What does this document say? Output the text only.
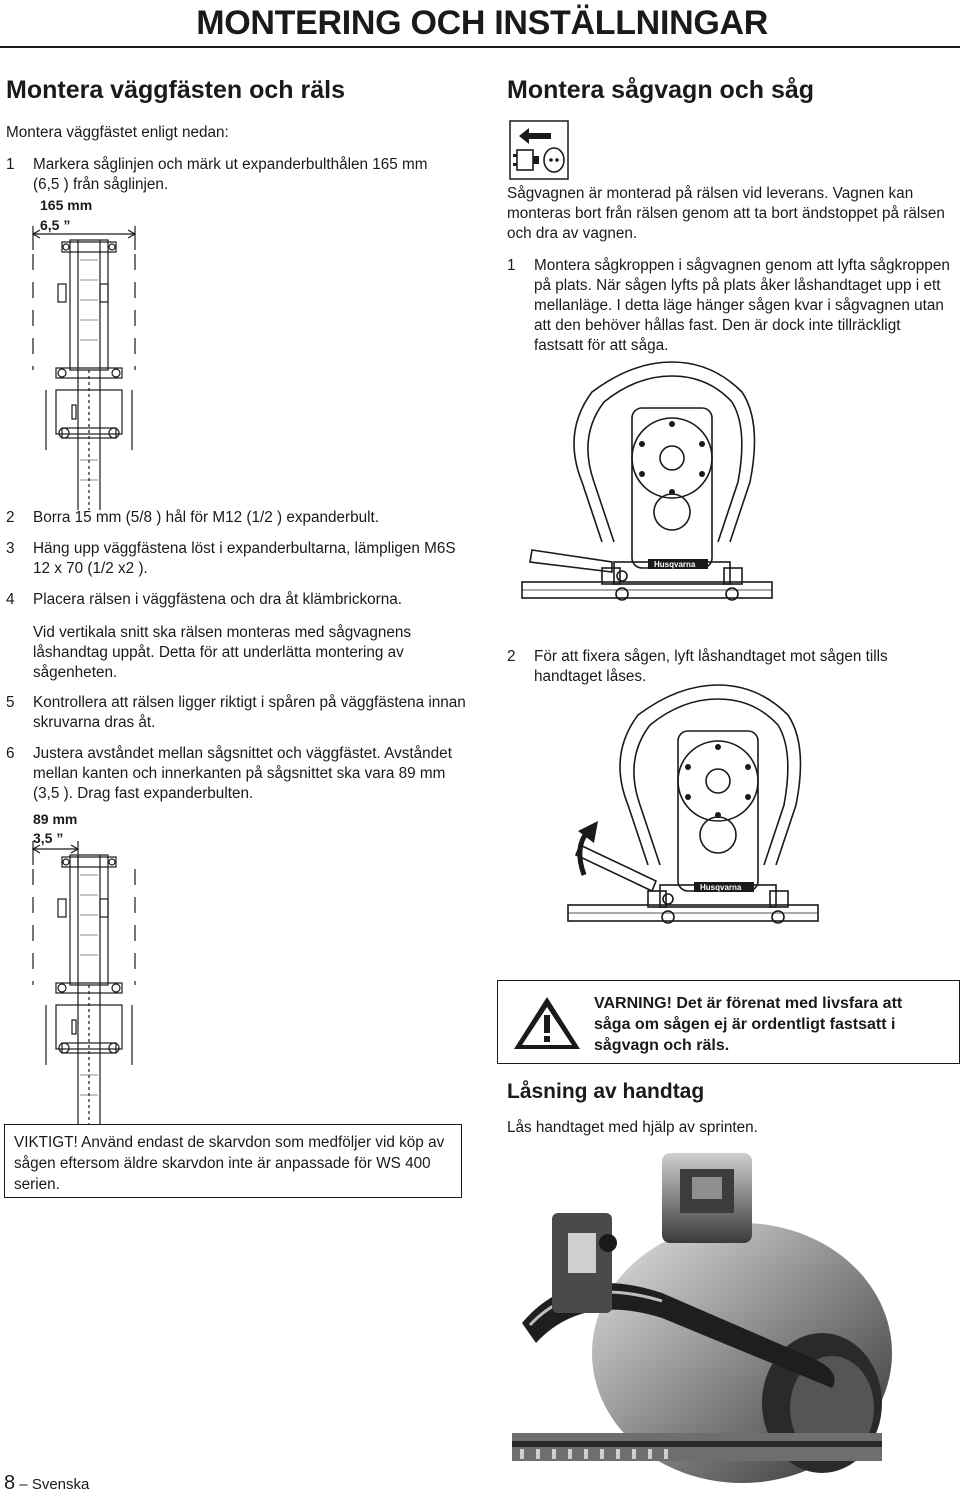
MONTERING OCH INSTÄLLNINGAR
Montera väggfästen och räls

Montera väggfästet enligt nedan:

1 Markera såglinjen och märk ut expanderbulthålen 165 mm (6,5 ) från såglinjen.

165 mm
6,5 ”
2 Borra 15 mm (5/8 ) hål för M12 (1/2 ) expanderbult.

3 Häng upp väggfästena löst i expanderbultarna, lämpligen M6S 12 x 70 (1/2 x2 ).

4 Placera rälsen i väggfästena och dra åt klämbrickorna.

Vid vertikala snitt ska rälsen monteras med sågvagnens låshandtag uppåt. Detta för att underlätta montering av sågenheten.

5 Kontrollera att rälsen ligger riktigt i spåren på väggfästena innan skruvarna dras åt.

6 Justera avståndet mellan sågsnittet och väggfästet. Avståndet mellan kanten och innerkanten på sågsnittet ska vara 89 mm (3,5 ). Drag fast expanderbulten.

89 mm
3,5 ”
VIKTIGT! Använd endast de skarvdon som medföljer vid köp av sågen eftersom äldre skarvdon inte är anpassade för WS 400 serien.
Montera sågvagn och såg

Sågvagnen är monterad på rälsen vid leverans. Vagnen kan monteras bort från rälsen genom att ta bort ändstoppet på rälsen och dra av vagnen.

1 Montera sågkroppen i sågvagnen genom att lyfta sågkroppen på plats. När sågen lyfts på plats åker låshandtaget upp i ett mellanläge. I detta läge hänger sågen kvar i sågvagnen utan att den behöver hållas fast. Den är dock inte tillräckligt fastsatt för att såga.

Husqvarna
2 För att fixera sågen, lyft låshandtaget mot sågen tills handtaget låses.

Husqvarna
VARNING! Det är förenat med livsfara att såga om sågen ej är ordentligt fastsatt i sågvagn och räls.
Låsning av handtag

Lås handtaget med hjälp av sprinten.

8 – Svenska
